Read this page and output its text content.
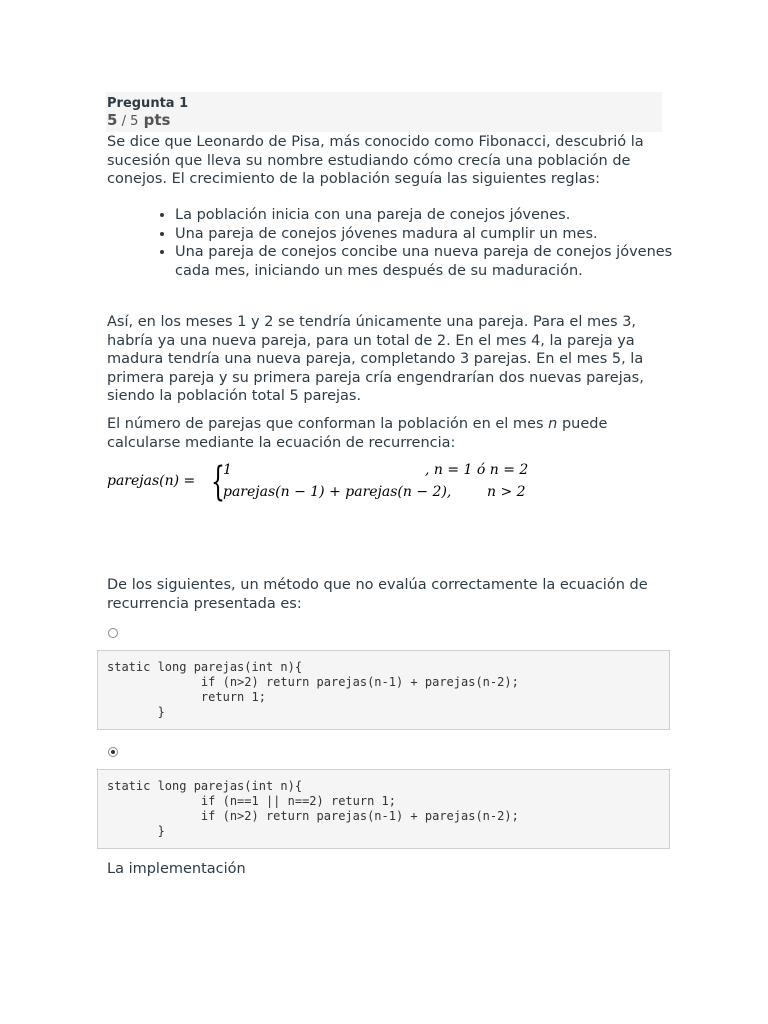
Pregunta 1
5 / 5 pts
Se dice que Leonardo de Pisa, más conocido como Fibonacci, descubrió la sucesión que lleva su nombre estudiando cómo crecía una población de conejos. El crecimiento de la población seguía las siguientes reglas:
• La población inicia con una pareja de conejos jóvenes.
• Una pareja de conejos jóvenes madura al cumplir un mes.
• Una pareja de conejos concibe una nueva pareja de conejos jóvenes cada mes, iniciando un mes después de su maduración.
Así, en los meses 1 y 2 se tendría únicamente una pareja. Para el mes 3, habría ya una nueva pareja, para un total de 2. En el mes 4, la pareja ya madura tendría una nueva pareja, completando 3 parejas. En el mes 5, la primera pareja y su primera pareja cría engendrarían dos nuevas parejas, siendo la población total 5 parejas.
El número de parejas que conforman la población en el mes n puede calcularse mediante la ecuación de recurrencia:
parejas(n) = {
1	, n = 1 ó n = 2
parejas(n − 1) + parejas(n − 2),	n > 2
De los siguientes, un método que no evalúa correctamente la ecuación de recurrencia presentada es:
static long parejas(int n){
if (n>2) return parejas(n-1) + parejas(n-2);
return 1;
}
static long parejas(int n){
if (n==1 || n==2) return 1;
if (n>2) return parejas(n-1) + parejas(n-2);
}
La implementación
